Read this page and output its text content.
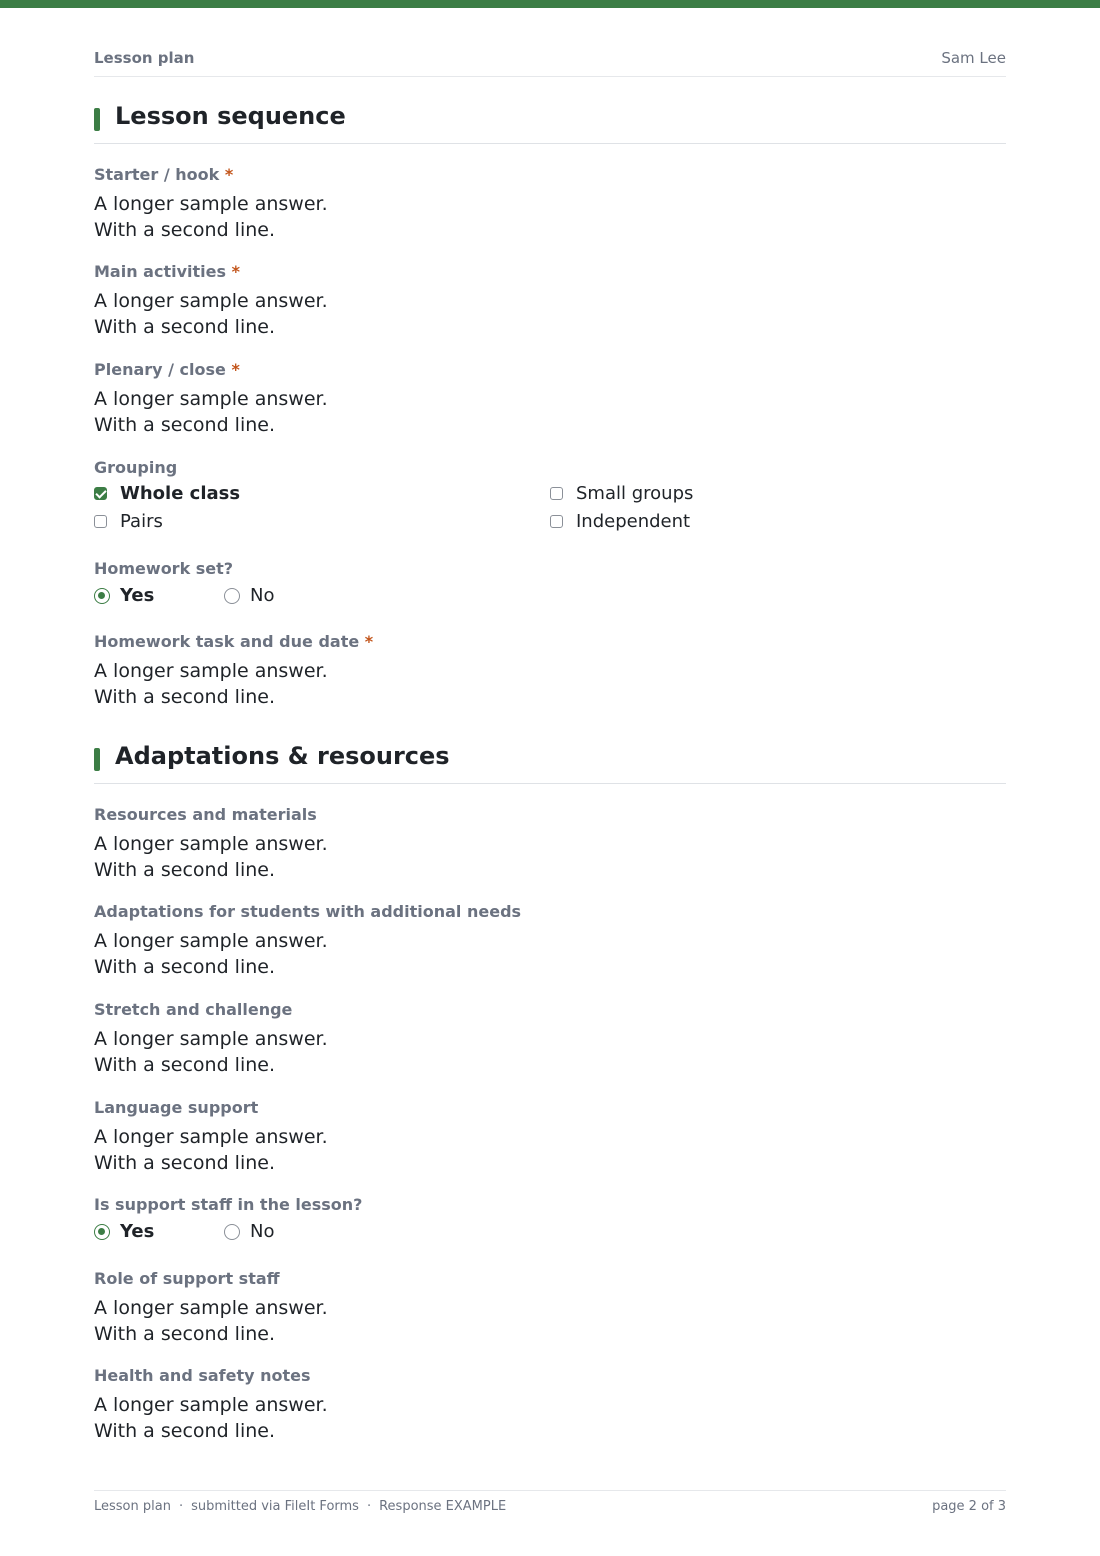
Lesson plan	Sam Lee
Lesson sequence
Starter / hook *
A longer sample answer.
With a second line.
Main activities *
A longer sample answer.
With a second line.
Plenary / close *
A longer sample answer.
With a second line.
Grouping
Whole class	Small groups
Pairs	Independent
Homework set?
Yes	No
Homework task and due date *
A longer sample answer.
With a second line.
Adaptations & resources
Resources and materials
A longer sample answer.
With a second line.
Adaptations for students with additional needs
A longer sample answer.
With a second line.
Stretch and challenge
A longer sample answer.
With a second line.
Language support
A longer sample answer.
With a second line.
Is support staff in the lesson?
Yes	No
Role of support staff
A longer sample answer.
With a second line.
Health and safety notes
A longer sample answer.
With a second line.
Lesson plan · submitted via FileIt Forms · Response EXAMPLE	page 2 of 3
